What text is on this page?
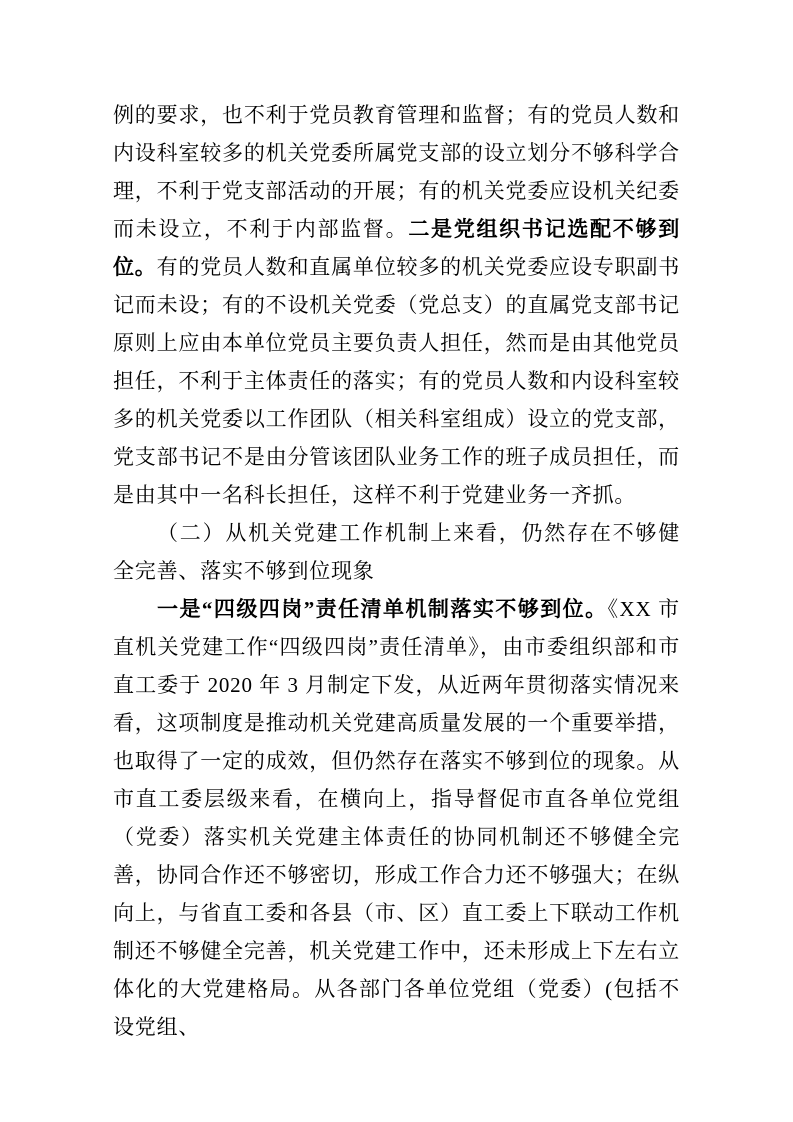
例的要求，也不利于党员教育管理和监督；有的党员人数和内设科室较多的机关党委所属党支部的设立划分不够科学合理，不利于党支部活动的开展；有的机关党委应设机关纪委而未设立，不利于内部监督。二是党组织书记选配不够到位。有的党员人数和直属单位较多的机关党委应设专职副书记而未设；有的不设机关党委（党总支）的直属党支部书记原则上应由本单位党员主要负责人担任，然而是由其他党员担任，不利于主体责任的落实；有的党员人数和内设科室较多的机关党委以工作团队（相关科室组成）设立的党支部，党支部书记不是由分管该团队业务工作的班子成员担任，而是由其中一名科长担任，这样不利于党建业务一齐抓。

（二）从机关党建工作机制上来看，仍然存在不够健全完善、落实不够到位现象

一是“四级四岗”责任清单机制落实不够到位。《XX 市直机关党建工作“四级四岗”责任清单》，由市委组织部和市直工委于 2020 年 3 月制定下发，从近两年贯彻落实情况来看，这项制度是推动机关党建高质量发展的一个重要举措，也取得了一定的成效，但仍然存在落实不够到位的现象。从市直工委层级来看，在横向上，指导督促市直各单位党组（党委）落实机关党建主体责任的协同机制还不够健全完善，协同合作还不够密切，形成工作合力还不够强大；在纵向上，与省直工委和各县（市、区）直工委上下联动工作机制还不够健全完善，机关党建工作中，还未形成上下左右立体化的大党建格局。从各部门各单位党组（党委）(包括不设党组、
